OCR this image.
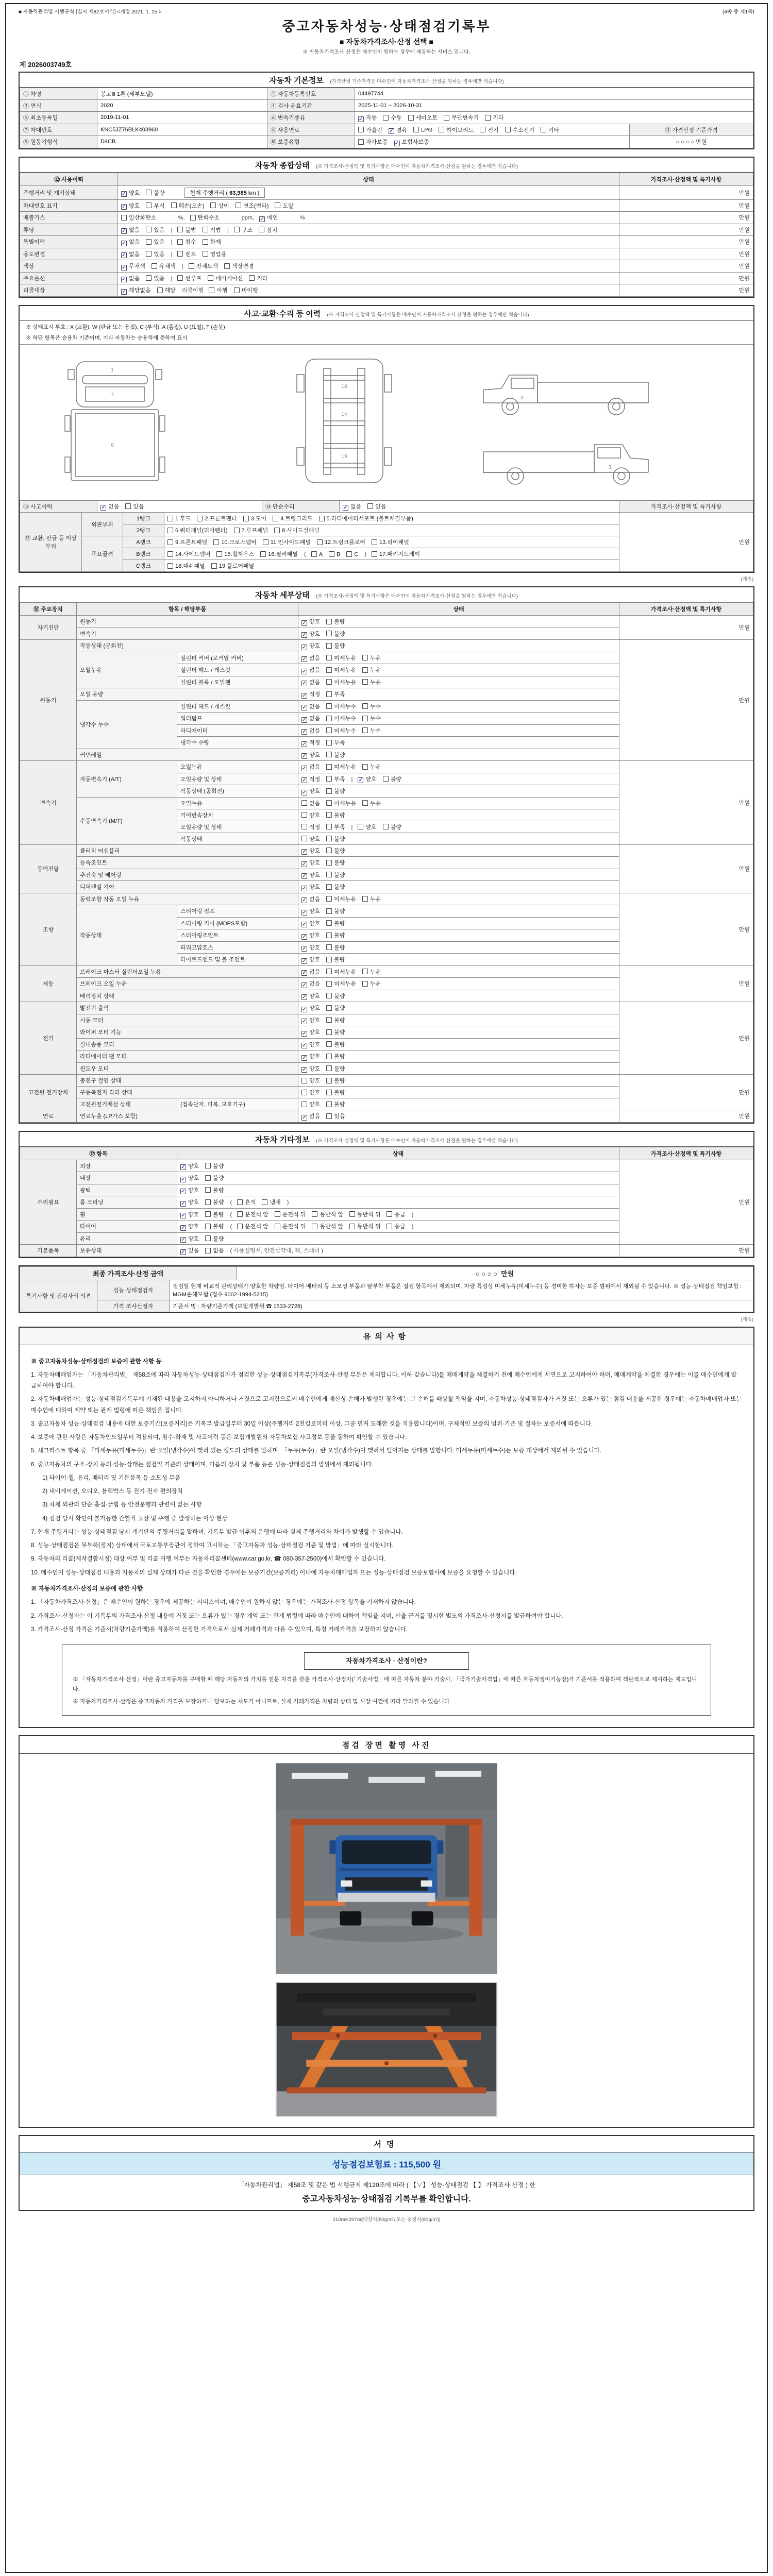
■ 자동차관리법 시행규칙 [별지 제82호서식] <개정 2021. 1. 15.>	(4쪽 중 제1쪽)
중고자동차성능·상태점검기록부
■ 자동차가격조사·산정 선택 ■
※ 자동차가격조사·산정은 매수인이 원하는 경우에 제공하는 서비스 입니다.
제 2026003749호
자동차 기본정보 (가격산정 기준가격은 매수인이 자동차가격조사·산정을 원하는 경우에만 적습니다)
① 차명	봉고Ⅲ 1톤 (세부모델)	② 자동차등록번호	04497744	
③ 연식	2020	④ 검사 유효기간	2025-11-01 ~ 2026-10-31	
⑤ 최초등록일	2019-11-01	⑥ 변속기종류	✓ 자동 수동 세미오토 무단변속기 기타	
⑦ 차대번호	KNC5JZ76BLK403960	⑧ 사용연료	가솔린 ✓ 경유 LPG 하이브리드 전기 수소전기 기타	⑪ 가격산정 기준가격
⑨ 원동기형식	D4CB	⑩ 보증유형	자가보증 ✓ 보험사보증	○ ○ ○ ○ 만원
자동차 종합상태 (※ 가격조사·산정액 및 특기사항은 매수인이 자동차가격조사·산정을 원하는 경우에만 적습니다)
⑫ 사용이력	상태	가격조사·산정액 및 특기사항
주행거리 및 계기상태	✓ 양호 불량 현재 주행거리 ( 63,985 km )	만원
차대번호 표기	✓ 양호 부식 훼손(오손) 상이 변조(변타) 도말	만원
배출가스	일산화탄소          %, 탄화수소          ppm, ✓ 매연          %	만원
튜닝	✓ 없음 있음 | 불법 적법 | 구조 장치	만원
특별이력	✓ 없음 있음 | 침수 화재	만원
용도변경	✓ 없음 있음 | 렌트 영업용	만원
색상	✓ 무채색 유채색 | 전체도색 색상변경	만원
주요옵션	✓ 없음 있음 | 썬루프 네비게이션 기타	만원
리콜대상	✓ 해당없음 해당 리콜이행 이행 미이행	만원
사고·교환·수리 등 이력 (※ 가격조사·산정액 및 특기사항은 매수인이 자동차가격조사·산정을 원하는 경우에만 적습니다)
※ 상태표시 부호 : X (교환), W (판금 또는 용접), C (부식), A (흠집), U (요철), T (손상)
※ 하단 항목은 승용차 기준이며, 기타 자동차는 승용차에 준하여 표시
1
7
6
14
18
19
3
3
⑬ 사고이력	✓ 없음 있음	⑭ 단순수리	✓ 없음 있음	가격조사·산정액 및 특기사항
⑮ 교환, 판금 등 이상 부위	외판부위	1랭크	1.후드 2.프론트펜더 3.도어 4.트렁크리드 5.라디에이터서포트 (볼트체결부품)	만원
		2랭크	6.쿼터패널(리어펜더) 7.루프패널 8.사이드실패널	
	주요골격	A랭크	9.프론트패널 10.크로스멤버 11.인사이드패널 12.트렁크플로어 13.리어패널	
		B랭크	14.사이드멤버 15.휠하우스 16.필러패널 ( A B C ) 17.패키지트레이	
		C랭크	18.대쉬패널 19.플로어패널	
(계속)
자동차 세부상태 (※ 가격조사·산정액 및 특기사항은 매수인이 자동차가격조사·산정을 원하는 경우에만 적습니다)
⑯ 주요장치	항목 / 해당부품		상태	가격조사·산정액 및 특기사항
자기진단	원동기		✓ 양호 불량	만원
	변속기		✓ 양호 불량	
원동기	작동상태 (공회전)		✓ 양호 불량	만원
	오일누유	실린더 커버 (로커암 커버)	✓ 없음 미세누유 누유	
		실린더 헤드 / 개스킷	✓ 없음 미세누유 누유	
		실린더 블록 / 오일팬	✓ 없음 미세누유 누유	
	오일 유량		✓ 적정 부족	
	냉각수 누수	실린더 헤드 / 개스킷	✓ 없음 미세누수 누수	
		워터펌프	✓ 없음 미세누수 누수	
		라디에이터	✓ 없음 미세누수 누수	
		냉각수 수량	✓ 적정 부족	
	커먼레일		✓ 양호 불량	
변속기	자동변속기 (A/T)	오일누유	✓ 없음 미세누유 누유	만원
		오일유량 및 상태	✓ 적정 부족 | ✓ 양호 불량	
		작동상태 (공회전)	✓ 양호 불량	
	수동변속기 (M/T)	오일누유	없음 미세누유 누유	
		기어변속장치	양호 불량	
		오일유량 및 상태	적정 부족 | 양호 불량	
		작동상태	양호 불량	
동력전달	클러치 어셈블리		✓ 양호 불량	만원
	등속조인트		✓ 양호 불량	
	추진축 및 베어링		✓ 양호 불량	
	디퍼렌셜 기어		✓ 양호 불량	
조향	동력조향 작동 오일 누유		✓ 없음 미세누유 누유	만원
	작동상태	스티어링 펌프	✓ 양호 불량	
		스티어링 기어 (MDPS포함)	✓ 양호 불량	
		스티어링조인트	✓ 양호 불량	
		파워고압호스	✓ 양호 불량	
		타이로드엔드 및 볼 조인트	✓ 양호 불량	
제동	브레이크 마스터 실린더오일 누유		✓ 없음 미세누유 누유	만원
	브레이크 오일 누유		✓ 없음 미세누유 누유	
	배력장치 상태		✓ 양호 불량	
전기	발전기 출력		✓ 양호 불량	만원
	시동 모터		✓ 양호 불량	
	와이퍼 모터 기능		✓ 양호 불량	
	실내송풍 모터		✓ 양호 불량	
	라디에이터 팬 모터		✓ 양호 불량	
	윈도우 모터		✓ 양호 불량	
고전원 전기장치	충전구 절연 상태		양호 불량	만원
	구동축전지 격리 상태		양호 불량	
	고전원전기배선 상태	(접속단자, 피복, 보호기구)	양호 불량	
연료	연료누출 (LP가스 포함)		✓ 없음 있음	만원
자동차 기타정보 (※ 가격조사·산정액 및 특기사항은 매수인이 자동차가격조사·산정을 원하는 경우에만 적습니다)
⑰ 항목		상태	가격조사·산정액 및 특기사항
수리필요	외장	✓ 양호 불량	만원
	내장	✓ 양호 불량	
	광택	✓ 양호 불량	
	룸 크리닝	✓ 양호 불량 ( 흔적 냄새 )	
	휠	✓ 양호 불량 ( 운전석 앞 운전석 뒤 동반석 앞 동반석 뒤 응급 )	
	타이어	✓ 양호 불량 ( 운전석 앞 운전석 뒤 동반석 앞 동반석 뒤 응급 )	
	유리	✓ 양호 불량	
기본품목	보유상태	✓ 있음 없음 ( 사용설명서, 안전삼각대, 잭, 스패너 )	만원
최종 가격조사·산정 금액	○ ○ ○ ○ 만원
특기사항 및 점검자의 의견	성능·상태점검자	점검일 현재 비교적 관리상태가 양호한 차량임. 타이어·배터리 등 소모성 부품과 탈부착 부품은 점검 항목에서 제외되며, 차량 특성상 미세누유(미세누수) 등 경미한 하자는 보증 범위에서 제외될 수 있습니다. ※ 성능·상태점검 책임보험 : MGM손해보험 (접수 9002-1994-5215)
	가격·조사산정자	기준서 명 : 차량기준가액 (보험개발원 ☎ 1533-2728)
(계속)
유의사항
※ 중고자동차성능·상태점검의 보증에 관한 사항 등
1. 자동차매매업자는 「자동차관리법」 제58조에 따라 자동차성능·상태점검자가 점검한 성능·상태점검기록부(가격조사·산정 부분은 제외합니다. 이하 같습니다)를 매매계약을 체결하기 전에 매수인에게 서면으로 고지하여야 하며, 매매계약을 체결한 경우에는 이를 매수인에게 발급하여야 합니다.
2. 자동차매매업자는 성능·상태점검기록부에 기재된 내용을 고지하지 아니하거나 거짓으로 고지함으로써 매수인에게 재산상 손해가 발생한 경우에는 그 손해를 배상할 책임을 지며, 자동차성능·상태점검자가 거짓 또는 오류가 있는 점검 내용을 제공한 경우에는 자동차매매업자 또는 매수인에 대하여 계약 또는 관계 법령에 따른 책임을 집니다.
3. 중고자동차 성능·상태점검 내용에 대한 보증기간(보증거리)은 기록부 발급일부터 30일 이상(주행거리 2천킬로미터 이상, 그중 먼저 도래한 것을 적용합니다)이며, 구체적인 보증의 범위·기준 및 절차는 보증서에 따릅니다.
4. 보증에 관한 사항은 자동차인도일부터 적용되며, 침수·화재 및 사고이력 등은 보험개발원의 자동차보험 사고정보 등을 통하여 확인할 수 있습니다.
5. 체크리스트 항목 중 「미세누유(미세누수)」란 오일(냉각수)이 맺혀 있는 정도의 상태를 말하며, 「누유(누수)」란 오일(냉각수)이 맺혀서 떨어지는 상태를 말합니다. 미세누유(미세누수)는 보증 대상에서 제외될 수 있습니다.
6. 중고자동차의 구조·장치 등의 성능·상태는 점검일 기준의 상태이며, 다음의 장치 및 부품 등은 성능·상태점검의 범위에서 제외됩니다.
1) 타이어·휠, 유리, 배터리 및 기본품목 등 소모성 부품
2) 내비게이션, 오디오, 블랙박스 등 전기·전자 편의장치
3) 차체 외관의 단순 흠집·긁힘 등 안전운행과 관련이 없는 사항
4) 점검 당시 확인이 불가능한 간헐적 고장 및 주행 중 발생하는 이상 현상
7. 현재 주행거리는 성능·상태점검 당시 계기판의 주행거리를 말하며, 기록부 발급 이후의 운행에 따라 실제 주행거리와 차이가 발생할 수 있습니다.
8. 성능·상태점검은 무부하(정지) 상태에서 국토교통부장관이 정하여 고시하는 「중고자동차 성능·상태점검 기준 및 방법」에 따라 실시합니다.
9. 자동차의 리콜(제작결함시정) 대상 여부 및 리콜 이행 여부는 자동차리콜센터(www.car.go.kr, ☎ 080-357-2500)에서 확인할 수 있습니다.
10. 매수인이 성능·상태점검 내용과 자동차의 실제 상태가 다른 것을 확인한 경우에는 보증기간(보증거리) 이내에 자동차매매업자 또는 성능·상태점검 보증보험사에 보증을 요청할 수 있습니다.
※ 자동차가격조사·산정의 보증에 관한 사항
1. 「자동차가격조사·산정」은 매수인이 원하는 경우에 제공하는 서비스이며, 매수인이 원하지 않는 경우에는 가격조사·산정 항목을 기재하지 않습니다.
2. 가격조사·산정자는 이 기록부의 가격조사·산정 내용에 거짓 또는 오류가 있는 경우 계약 또는 관계 법령에 따라 매수인에 대하여 책임을 지며, 산출 근거를 명시한 별도의 가격조사·산정서를 발급하여야 합니다.
3. 가격조사·산정 가격은 기준서(차량기준가액)를 적용하여 산정한 가격으로서 실제 거래가격과 다를 수 있으며, 특정 거래가격을 보장하지 않습니다.
자동차가격조사 · 산정이란?

※ 「자동차가격조사·산정」이란 중고자동차를 구매할 때 해당 자동차의 가치를 전문 자격을 갖춘 가격조사·산정자(「기술사법」에 따른 자동차 분야 기술사, 「국가기술자격법」에 따른 자동차정비기능장)가 기준서를 적용하여 객관적으로 제시하는 제도입니다.

※ 자동차가격조사·산정은 중고자동차 가격을 보장하거나 담보하는 제도가 아니므로, 실제 거래가격은 차량의 상태 및 시장 여건에 따라 달라질 수 있습니다.

점검 장면 촬영 사진
서명
성능점검보험료 : 115,500 원
「자동차관리법」 제58조 및 같은 법 시행규칙 제120조에 따라 ( 【∨】 성능·상태점검 【 】 가격조사·산정 ) 한
중고자동차성능·상태점검 기록부를 확인합니다.
210㎜×297㎜[백상지(80g/㎡) 또는 중질지(80g/㎡)]
